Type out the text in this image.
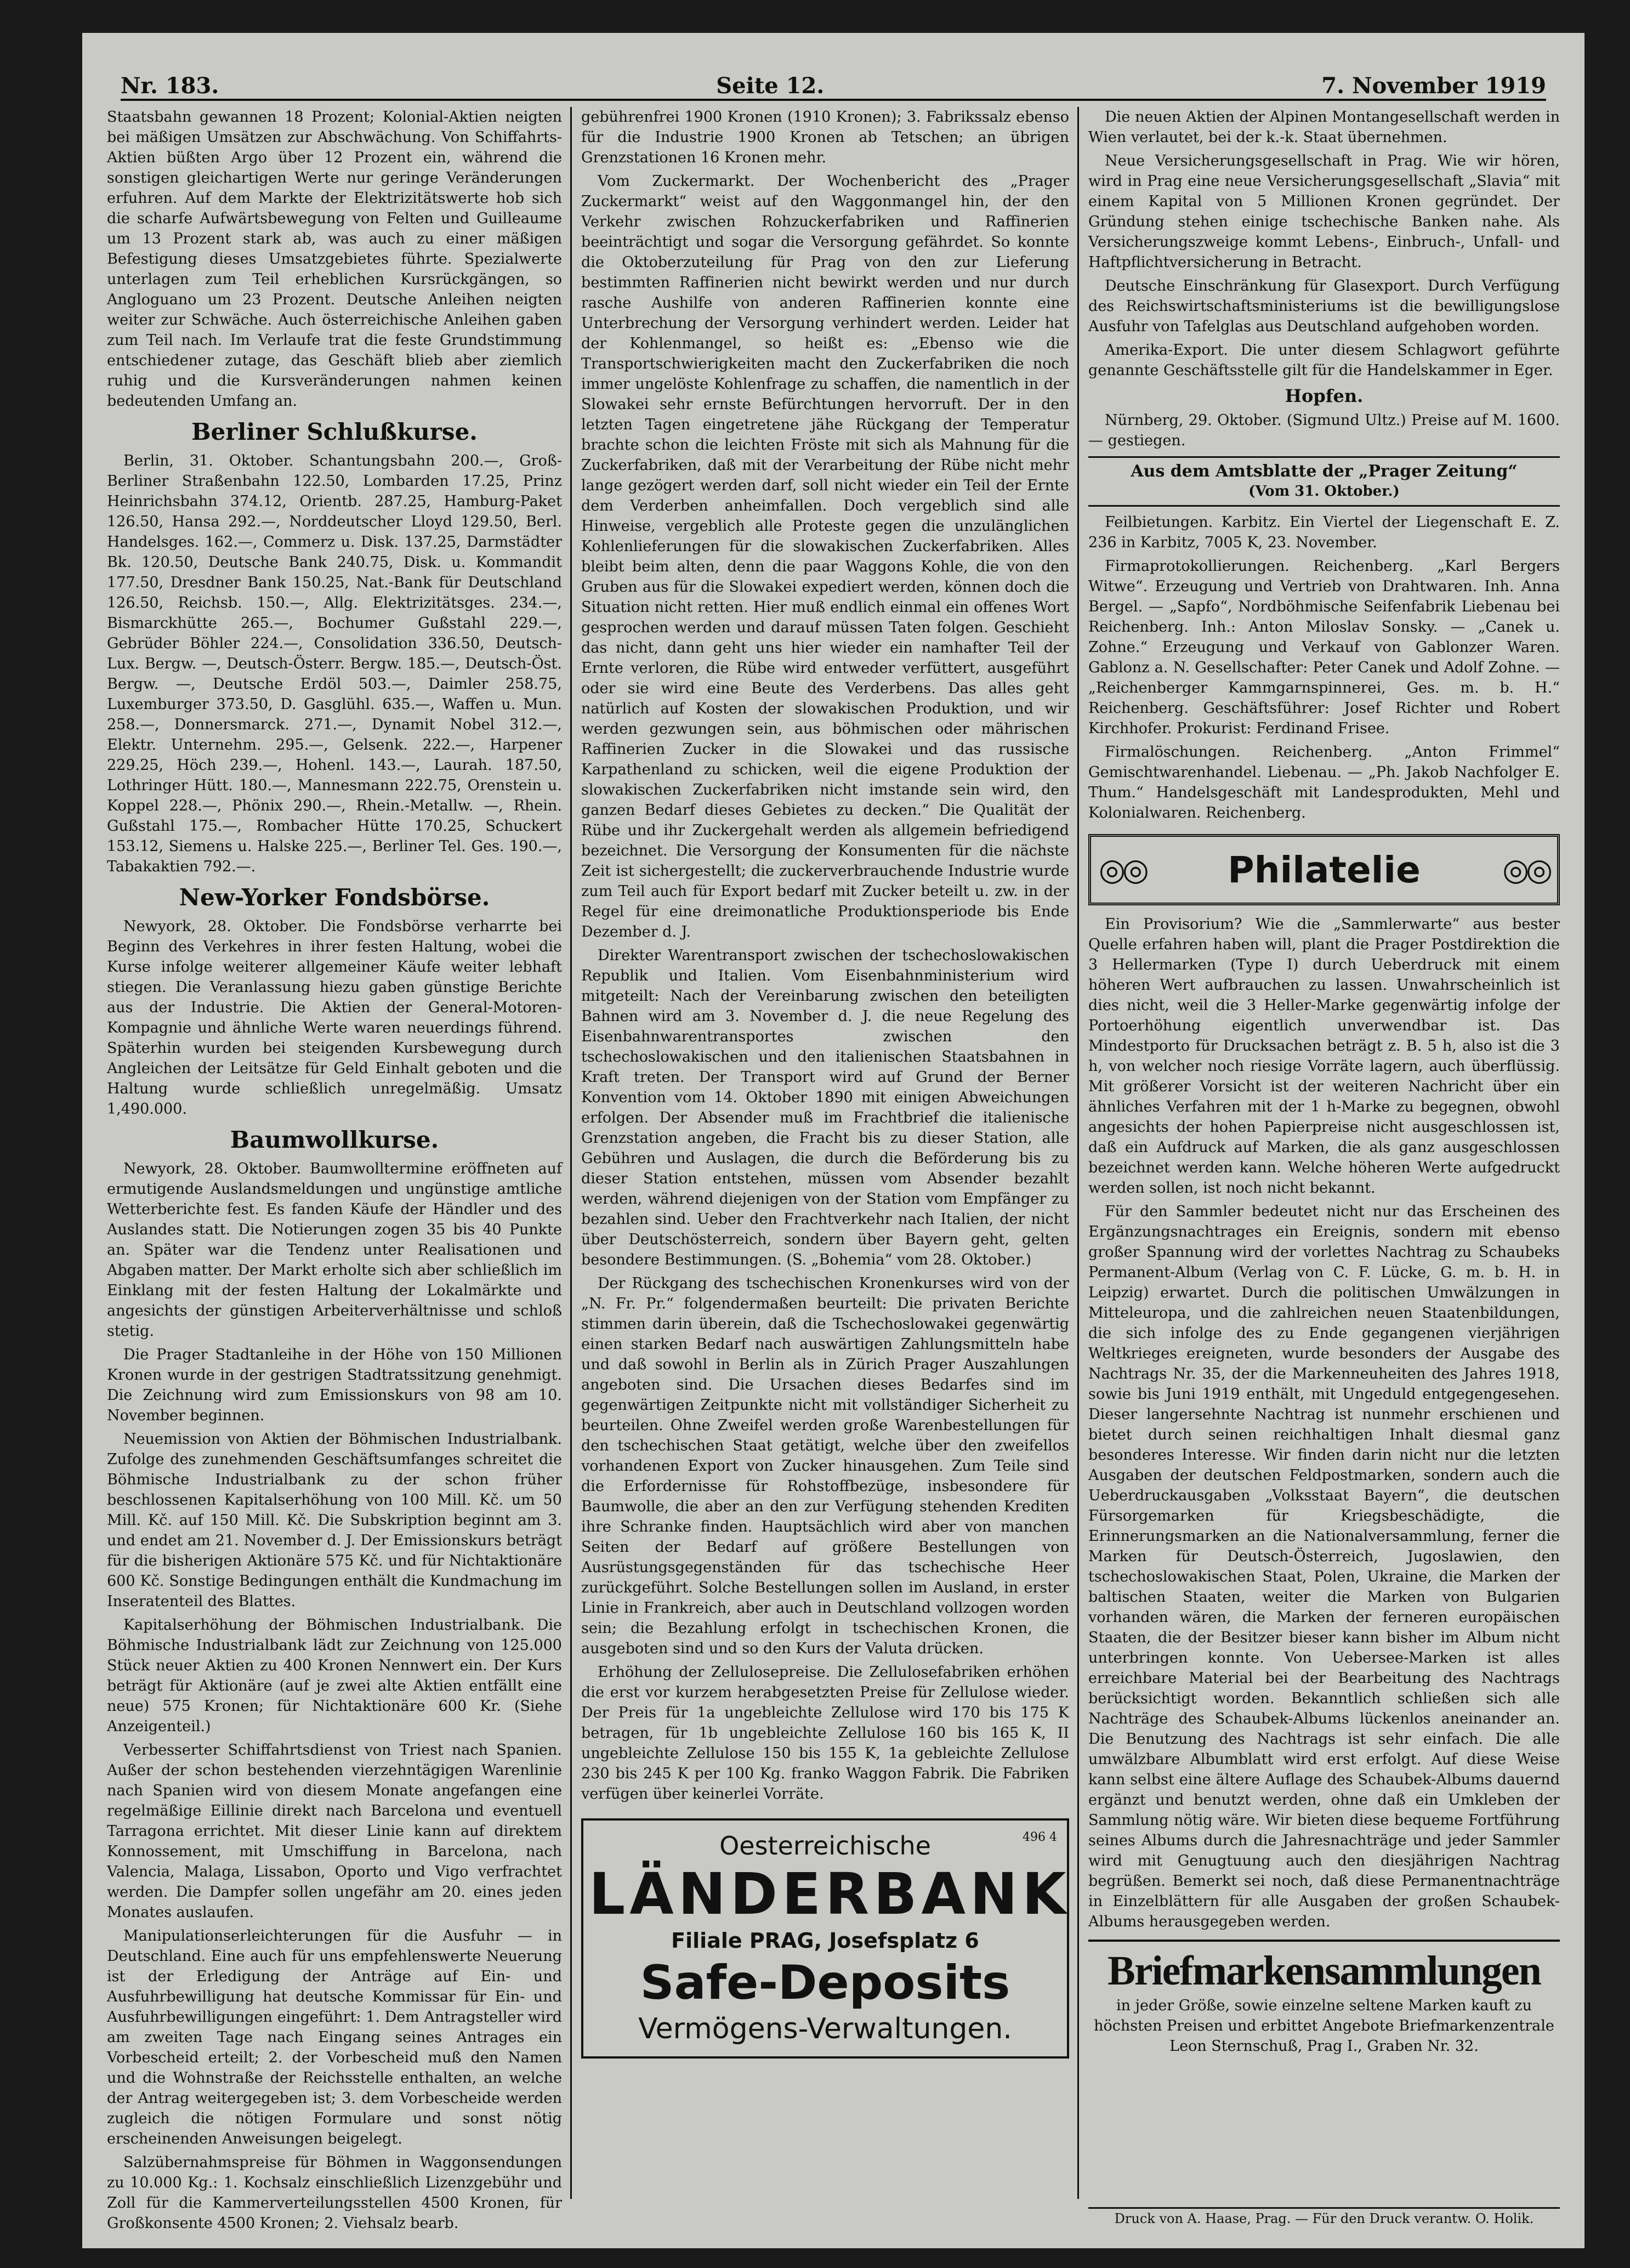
Nr. 183.	Seite 12.	7. November 1919

Staatsbahn gewannen 18 Prozent; Kolonial-Aktien neigten bei mäßigen Umsätzen zur Abschwächung. Von Schiffahrts-Aktien büßten Argo über 12 Prozent ein, während die sonstigen gleichartigen Werte nur geringe Veränderungen erfuhren. Auf dem Markte der Elektrizitätswerte hob sich die scharfe Aufwärtsbewegung von Felten und Guilleaume um 13 Prozent stark ab, was auch zu einer mäßigen Befestigung dieses Umsatzgebietes führte. Spezialwerte unterlagen zum Teil erheblichen Kursrückgängen, so Angloguano um 23 Prozent. Deutsche Anleihen neigten weiter zur Schwäche. Auch österreichische Anleihen gaben zum Teil nach. Im Verlaufe trat die feste Grundstimmung entschiedener zutage, das Geschäft blieb aber ziemlich ruhig und die Kursveränderungen nahmen keinen bedeutenden Umfang an.

Berliner Schlußkurse.

Berlin, 31. Oktober. Schantungsbahn 200.—, Groß-Berliner Straßenbahn 122.50, Lombarden 17.25, Prinz Heinrichsbahn 374.12, Orientb. 287.25, Hamburg-Paket 126.50, Hansa 292.—, Norddeutscher Lloyd 129.50, Berl. Handelsges. 162.—, Commerz u. Disk. 137.25, Darmstädter Bk. 120.50, Deutsche Bank 240.75, Disk. u. Kommandit 177.50, Dresdner Bank 150.25, Nat.-Bank für Deutschland 126.50, Reichsb. 150.—, Allg. Elektrizitätsges. 234.—, Bismarckhütte 265.—, Bochumer Gußstahl 229.—, Gebrüder Böhler 224.—, Consolidation 336.50, Deutsch-Lux. Bergw. —, Deutsch-Österr. Bergw. 185.—, Deutsch-Öst. Bergw. —, Deutsche Erdöl 503.—, Daimler 258.75, Luxemburger 373.50, D. Gasglühl. 635.—, Waffen u. Mun. 258.—, Donnersmarck. 271.—, Dynamit Nobel 312.—, Elektr. Unternehm. 295.—, Gelsenk. 222.—, Harpener 229.25, Höch 239.—, Hohenl. 143.—, Laurah. 187.50, Lothringer Hütt. 180.—, Mannesmann 222.75, Orenstein u. Koppel 228.—, Phönix 290.—, Rhein.-Metallw. —, Rhein. Gußstahl 175.—, Rombacher Hütte 170.25, Schuckert 153.12, Siemens u. Halske 225.—, Berliner Tel. Ges. 190.—, Tabakaktien 792.—.

New-Yorker Fondsbörse.

Newyork, 28. Oktober. Die Fondsbörse verharrte bei Beginn des Verkehres in ihrer festen Haltung, wobei die Kurse infolge weiterer allgemeiner Käufe weiter lebhaft stiegen. Die Veranlassung hiezu gaben günstige Berichte aus der Industrie. Die Aktien der General-Motoren-Kompagnie und ähnliche Werte waren neuerdings führend. Späterhin wurden bei steigenden Kursbewegung durch Angleichen der Leitsätze für Geld Einhalt geboten und die Haltung wurde schließlich unregelmäßig. Umsatz 1,490.000.

Baumwollkurse.

Newyork, 28. Oktober. Baumwolltermine eröffneten auf ermutigende Auslandsmeldungen und ungünstige amtliche Wetterberichte fest. Es fanden Käufe der Händler und des Auslandes statt. Die Notierungen zogen 35 bis 40 Punkte an. Später war die Tendenz unter Realisationen und Abgaben matter. Der Markt erholte sich aber schließlich im Einklang mit der festen Haltung der Lokalmärkte und angesichts der günstigen Arbeiterverhältnisse und schloß stetig.

Die Prager Stadtanleihe in der Höhe von 150 Millionen Kronen wurde in der gestrigen Stadtratssitzung genehmigt. Die Zeichnung wird zum Emissionskurs von 98 am 10. November beginnen.

Neuemission von Aktien der Böhmischen Industrialbank. Zufolge des zunehmenden Geschäftsumfanges schreitet die Böhmische Industrialbank zu der schon früher beschlossenen Kapitalserhöhung von 100 Mill. Kč. um 50 Mill. Kč. auf 150 Mill. Kč. Die Subskription beginnt am 3. und endet am 21. November d. J. Der Emissionskurs beträgt für die bisherigen Aktionäre 575 Kč. und für Nichtaktionäre 600 Kč. Sonstige Bedingungen enthält die Kundmachung im Inseratenteil des Blattes.

Kapitalserhöhung der Böhmischen Industrialbank. Die Böhmische Industrialbank lädt zur Zeichnung von 125.000 Stück neuer Aktien zu 400 Kronen Nennwert ein. Der Kurs beträgt für Aktionäre (auf je zwei alte Aktien entfällt eine neue) 575 Kronen; für Nichtaktionäre 600 Kr. (Siehe Anzeigenteil.)

Verbesserter Schiffahrtsdienst von Triest nach Spanien. Außer der schon bestehenden vierzehntägigen Warenlinie nach Spanien wird von diesem Monate angefangen eine regelmäßige Eillinie direkt nach Barcelona und eventuell Tarragona errichtet. Mit dieser Linie kann auf direktem Konnossement, mit Umschiffung in Barcelona, nach Valencia, Malaga, Lissabon, Oporto und Vigo verfrachtet werden. Die Dampfer sollen ungefähr am 20. eines jeden Monates auslaufen.

Manipulationserleichterungen für die Ausfuhr — in Deutschland. Eine auch für uns empfehlenswerte Neuerung ist der Erledigung der Anträge auf Ein- und Ausfuhrbewilligung hat deutsche Kommissar für Ein- und Ausfuhrbewilligungen eingeführt: 1. Dem Antragsteller wird am zweiten Tage nach Eingang seines Antrages ein Vorbescheid erteilt; 2. der Vorbescheid muß den Namen und die Wohnstraße der Reichsstelle enthalten, an welche der Antrag weitergegeben ist; 3. dem Vorbescheide werden zugleich die nötigen Formulare und sonst nötig erscheinenden Anweisungen beigelegt.

Salzübernahmspreise für Böhmen in Waggonsendungen zu 10.000 Kg.: 1. Kochsalz einschließlich Lizenzgebühr und Zoll für die Kammerverteilungsstellen 4500 Kronen, für Großkonsente 4500 Kronen; 2. Viehsalz bearb.

gebührenfrei 1900 Kronen (1910 Kronen); 3. Fabrikssalz ebenso für die Industrie 1900 Kronen ab Tetschen; an übrigen Grenzstationen 16 Kronen mehr.

Vom Zuckermarkt. Der Wochenbericht des „Prager Zuckermarkt“ weist auf den Waggonmangel hin, der den Verkehr zwischen Rohzuckerfabriken und Raffinerien beeinträchtigt und sogar die Versorgung gefährdet. So konnte die Oktoberzuteilung für Prag von den zur Lieferung bestimmten Raffinerien nicht bewirkt werden und nur durch rasche Aushilfe von anderen Raffinerien konnte eine Unterbrechung der Versorgung verhindert werden. Leider hat der Kohlenmangel, so heißt es: „Ebenso wie die Transportschwierigkeiten macht den Zuckerfabriken die noch immer ungelöste Kohlenfrage zu schaffen, die namentlich in der Slowakei sehr ernste Befürchtungen hervorruft. Der in den letzten Tagen eingetretene jähe Rückgang der Temperatur brachte schon die leichten Fröste mit sich als Mahnung für die Zuckerfabriken, daß mit der Verarbeitung der Rübe nicht mehr lange gezögert werden darf, soll nicht wieder ein Teil der Ernte dem Verderben anheimfallen. Doch vergeblich sind alle Hinweise, vergeblich alle Proteste gegen die unzulänglichen Kohlenlieferungen für die slowakischen Zuckerfabriken. Alles bleibt beim alten, denn die paar Waggons Kohle, die von den Gruben aus für die Slowakei expediert werden, können doch die Situation nicht retten. Hier muß endlich einmal ein offenes Wort gesprochen werden und darauf müssen Taten folgen. Geschieht das nicht, dann geht uns hier wieder ein namhafter Teil der Ernte verloren, die Rübe wird entweder verfüttert, ausgeführt oder sie wird eine Beute des Verderbens. Das alles geht natürlich auf Kosten der slowakischen Produktion, und wir werden gezwungen sein, aus böhmischen oder mährischen Raffinerien Zucker in die Slowakei und das russische Karpathenland zu schicken, weil die eigene Produktion der slowakischen Zuckerfabriken nicht imstande sein wird, den ganzen Bedarf dieses Gebietes zu decken.“ Die Qualität der Rübe und ihr Zuckergehalt werden als allgemein befriedigend bezeichnet. Die Versorgung der Konsumenten für die nächste Zeit ist sichergestellt; die zuckerverbrauchende Industrie wurde zum Teil auch für Export bedarf mit Zucker beteilt u. zw. in der Regel für eine dreimonatliche Produktionsperiode bis Ende Dezember d. J.

Direkter Warentransport zwischen der tschechoslowakischen Republik und Italien. Vom Eisenbahnministerium wird mitgeteilt: Nach der Vereinbarung zwischen den beteiligten Bahnen wird am 3. November d. J. die neue Regelung des Eisenbahnwarentransportes zwischen den tschechoslowakischen und den italienischen Staatsbahnen in Kraft treten. Der Transport wird auf Grund der Berner Konvention vom 14. Oktober 1890 mit einigen Abweichungen erfolgen. Der Absender muß im Frachtbrief die italienische Grenzstation angeben, die Fracht bis zu dieser Station, alle Gebühren und Auslagen, die durch die Beförderung bis zu dieser Station entstehen, müssen vom Absender bezahlt werden, während diejenigen von der Station vom Empfänger zu bezahlen sind. Ueber den Frachtverkehr nach Italien, der nicht über Deutschösterreich, sondern über Bayern geht, gelten besondere Bestimmungen. (S. „Bohemia“ vom 28. Oktober.)

Der Rückgang des tschechischen Kronenkurses wird von der „N. Fr. Pr.“ folgendermaßen beurteilt: Die privaten Berichte stimmen darin überein, daß die Tschechoslowakei gegenwärtig einen starken Bedarf nach auswärtigen Zahlungsmitteln habe und daß sowohl in Berlin als in Zürich Prager Auszahlungen angeboten sind. Die Ursachen dieses Bedarfes sind im gegenwärtigen Zeitpunkte nicht mit vollständiger Sicherheit zu beurteilen. Ohne Zweifel werden große Warenbestellungen für den tschechischen Staat getätigt, welche über den zweifellos vorhandenen Export von Zucker hinausgehen. Zum Teile sind die Erfordernisse für Rohstoffbezüge, insbesondere für Baumwolle, die aber an den zur Verfügung stehenden Krediten ihre Schranke finden. Hauptsächlich wird aber von manchen Seiten der Bedarf auf größere Bestellungen von Ausrüstungsgegenständen für das tschechische Heer zurückgeführt. Solche Bestellungen sollen im Ausland, in erster Linie in Frankreich, aber auch in Deutschland vollzogen worden sein; die Bezahlung erfolgt in tschechischen Kronen, die ausgeboten sind und so den Kurs der Valuta drücken.

Erhöhung der Zellulosepreise. Die Zellulosefabriken erhöhen die erst vor kurzem herabgesetzten Preise für Zellulose wieder. Der Preis für 1a ungebleichte Zellulose wird 170 bis 175 K betragen, für 1b ungebleichte Zellulose 160 bis 165 K, II ungebleichte Zellulose 150 bis 155 K, 1a gebleichte Zellulose 230 bis 245 K per 100 Kg. franko Waggon Fabrik. Die Fabriken verfügen über keinerlei Vorräte.

496 4
Oesterreichische
LÄNDERBANK
Filiale PRAG, Josefsplatz 6
Safe-Deposits
Vermögens-Verwaltungen.

Die neuen Aktien der Alpinen Montangesellschaft werden in Wien verlautet, bei der k.-k. Staat übernehmen.

Neue Versicherungsgesellschaft in Prag. Wie wir hören, wird in Prag eine neue Versicherungsgesellschaft „Slavia“ mit einem Kapital von 5 Millionen Kronen gegründet. Der Gründung stehen einige tschechische Banken nahe. Als Versicherungszweige kommt Lebens-, Einbruch-, Unfall- und Haftpflichtversicherung in Betracht.

Deutsche Einschränkung für Glasexport. Durch Verfügung des Reichswirtschaftsministeriums ist die bewilligungslose Ausfuhr von Tafelglas aus Deutschland aufgehoben worden.

Amerika-Export. Die unter diesem Schlagwort geführte genannte Geschäftsstelle gilt für die Handelskammer in Eger.

Hopfen.

Nürnberg, 29. Oktober. (Sigmund Ultz.) Preise auf M. 1600.— gestiegen.

Aus dem Amtsblatte der „Prager Zeitung“
(Vom 31. Oktober.)

Feilbietungen. Karbitz. Ein Viertel der Liegenschaft E. Z. 236 in Karbitz, 7005 K, 23. November.

Firmaprotokollierungen. Reichenberg. „Karl Bergers Witwe“. Erzeugung und Vertrieb von Drahtwaren. Inh. Anna Bergel. — „Sapfo“, Nordböhmische Seifenfabrik Liebenau bei Reichenberg. Inh.: Anton Miloslav Sonsky. — „Canek u. Zohne.“ Erzeugung und Verkauf von Gablonzer Waren. Gablonz a. N. Gesellschafter: Peter Canek und Adolf Zohne. — „Reichenberger Kammgarnspinnerei, Ges. m. b. H.“ Reichenberg. Geschäftsführer: Josef Richter und Robert Kirchhofer. Prokurist: Ferdinand Frisee.

Firmalöschungen. Reichenberg. „Anton Frimmel“ Gemischtwarenhandel. Liebenau. — „Ph. Jakob Nachfolger E. Thum.“ Handelsgeschäft mit Landesprodukten, Mehl und Kolonialwaren. Reichenberg.

◎◎ Philatelie	◎◎

Ein Provisorium? Wie die „Sammlerwarte“ aus bester Quelle erfahren haben will, plant die Prager Postdirektion die 3 Hellermarken (Type I) durch Ueberdruck mit einem höheren Wert aufbrauchen zu lassen. Unwahrscheinlich ist dies nicht, weil die 3 Heller-Marke gegenwärtig infolge der Portoerhöhung eigentlich unverwendbar ist. Das Mindestporto für Drucksachen beträgt z. B. 5 h, also ist die 3 h, von welcher noch riesige Vorräte lagern, auch überflüssig. Mit größerer Vorsicht ist der weiteren Nachricht über ein ähnliches Verfahren mit der 1 h-Marke zu begegnen, obwohl angesichts der hohen Papierpreise nicht ausgeschlossen ist, daß ein Aufdruck auf Marken, die als ganz ausgeschlossen bezeichnet werden kann. Welche höheren Werte aufgedruckt werden sollen, ist noch nicht bekannt.

Für den Sammler bedeutet nicht nur das Erscheinen des Ergänzungsnachtrages ein Ereignis, sondern mit ebenso großer Spannung wird der vorlettes Nachtrag zu Schaubeks Permanent-Album (Verlag von C. F. Lücke, G. m. b. H. in Leipzig) erwartet. Durch die politischen Umwälzungen in Mitteleuropa, und die zahlreichen neuen Staatenbildungen, die sich infolge des zu Ende gegangenen vierjährigen Weltkrieges ereigneten, wurde besonders der Ausgabe des Nachtrags Nr. 35, der die Markenneuheiten des Jahres 1918, sowie bis Juni 1919 enthält, mit Ungeduld entgegengesehen. Dieser langersehnte Nachtrag ist nunmehr erschienen und bietet durch seinen reichhaltigen Inhalt diesmal ganz besonderes Interesse. Wir finden darin nicht nur die letzten Ausgaben der deutschen Feldpostmarken, sondern auch die Ueberdruckausgaben „Volksstaat Bayern“, die deutschen Fürsorgemarken für Kriegsbeschädigte, die Erinnerungsmarken an die Nationalversammlung, ferner die Marken für Deutsch-Österreich, Jugoslawien, den tschechoslowakischen Staat, Polen, Ukraine, die Marken der baltischen Staaten, weiter die Marken von Bulgarien vorhanden wären, die Marken der ferneren europäischen Staaten, die der Besitzer bieser kann bisher im Album nicht unterbringen konnte. Von Uebersee-Marken ist alles erreichbare Material bei der Bearbeitung des Nachtrags berücksichtigt worden. Bekanntlich schließen sich alle Nachträge des Schaubek-Albums lückenlos aneinander an. Die Benutzung des Nachtrags ist sehr einfach. Die alle umwälzbare Albumblatt wird erst erfolgt. Auf diese Weise kann selbst eine ältere Auflage des Schaubek-Albums dauernd ergänzt und benutzt werden, ohne daß ein Umkleben der Sammlung nötig wäre. Wir bieten diese bequeme Fortführung seines Albums durch die Jahresnachträge und jeder Sammler wird mit Genugtuung auch den diesjährigen Nachtrag begrüßen. Bemerkt sei noch, daß diese Permanentnachträge in Einzelblättern für alle Ausgaben der großen Schaubek-Albums herausgegeben werden.

Briefmarkensammlungen

in jeder Größe, sowie einzelne seltene Marken kauft zu höchsten Preisen und erbittet Angebote Briefmarkenzentrale Leon Sternschuß, Prag I., Graben Nr. 32.

Druck von A. Haase, Prag. — Für den Druck verantw. O. Holik.
